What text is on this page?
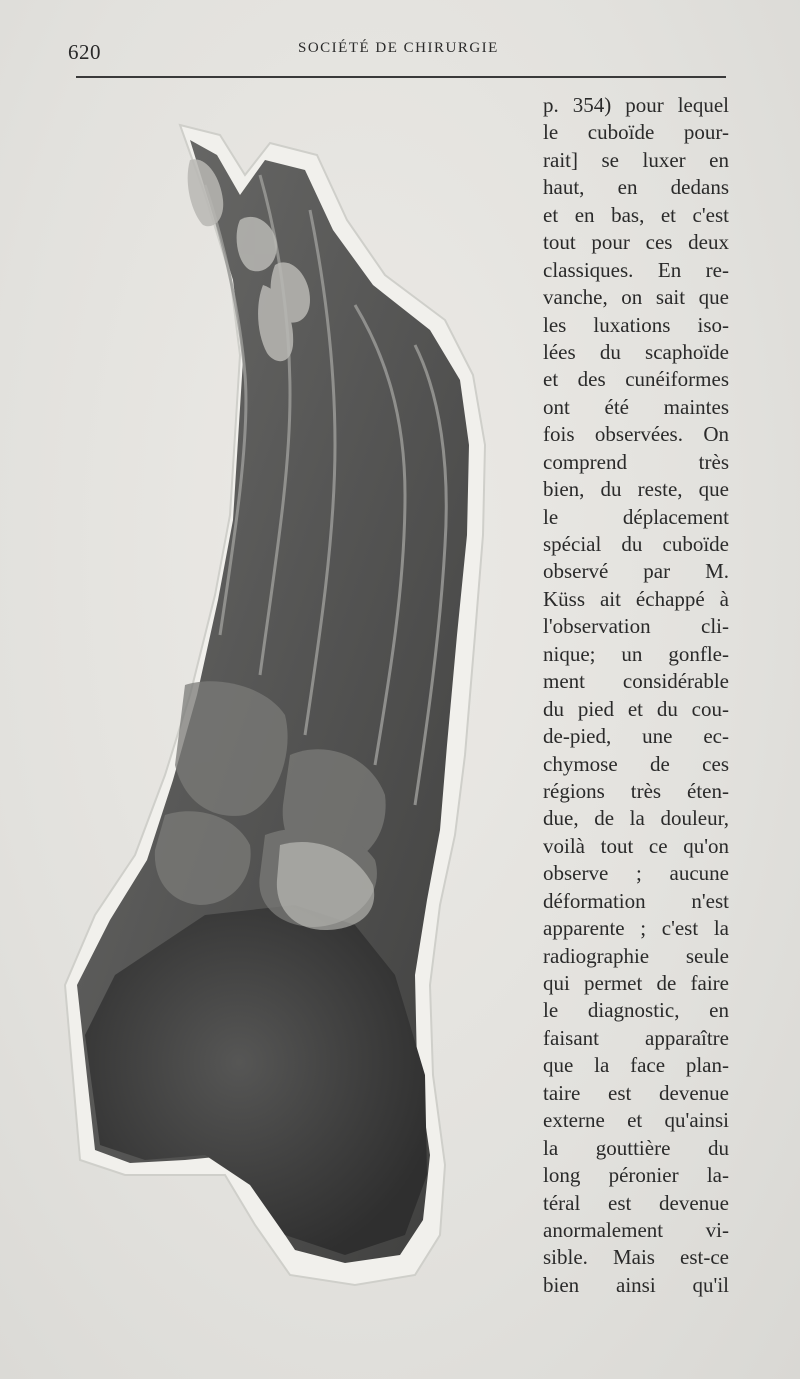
620	SOCIÉTÉ DE CHIRURGIE
p. 354) pour lequel
le cuboïde pour-
rait] se luxer en
haut, en dedans
et en bas, et c'est
tout pour ces deux
classiques. En re-
vanche, on sait que
les luxations iso-
lées du scaphoïde
et des cunéiformes
ont été maintes
fois observées. On
comprend très
bien, du reste, que
le déplacement
spécial du cuboïde
observé par M.
Küss ait échappé à
l'observation cli-
nique; un gonfle-
ment considérable
du pied et du cou-
de-pied, une ec-
chymose de ces
régions très éten-
due, de la douleur,
voilà tout ce qu'on
observe ; aucune
déformation n'est
apparente ; c'est la
radiographie seule
qui permet de faire
le diagnostic, en
faisant apparaître
que la face plan-
taire est devenue
externe et qu'ainsi
la gouttière du
long péronier la-
téral est devenue
anormalement vi-
sible. Mais est-ce
bien ainsi qu'il
